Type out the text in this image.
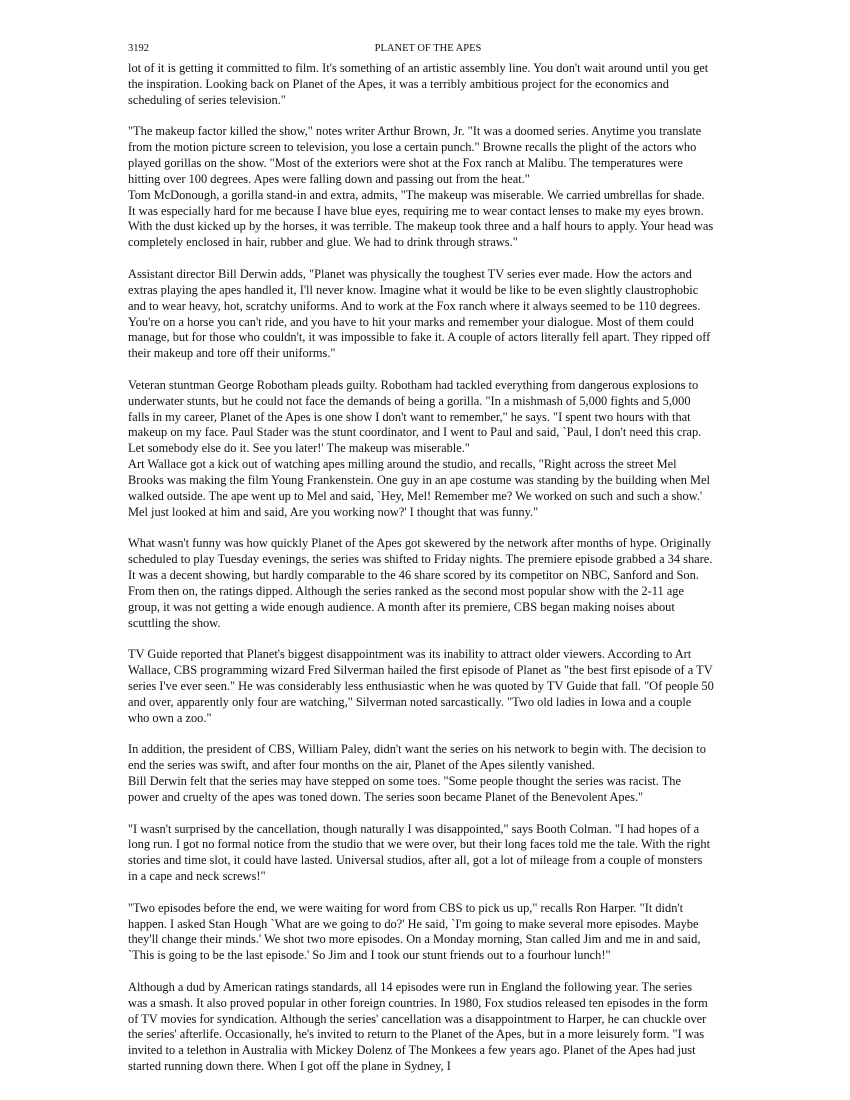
3192	PLANET OF THE APES

lot of it is getting it committed to film. It's something of an artistic assembly line. You don't wait around until you get the inspiration. Looking back on Planet of the Apes, it was a terribly ambitious project for the economics and scheduling of series television."

"The makeup factor killed the show," notes writer Arthur Brown, Jr. "It was a doomed series. Anytime you translate from the motion picture screen to television, you lose a certain punch." Browne recalls the plight of the actors who played gorillas on the show. "Most of the exteriors were shot at the Fox ranch at Malibu. The temperatures were hitting over 100 degrees. Apes were falling down and passing out from the heat."

Tom McDonough, a gorilla stand-in and extra, admits, "The makeup was miserable. We carried umbrellas for shade. It was especially hard for me because I have blue eyes, requiring me to wear contact lenses to make my eyes brown. With the dust kicked up by the horses, it was terrible. The makeup took three and a half hours to apply. Your head was completely enclosed in hair, rubber and glue. We had to drink through straws."

Assistant director Bill Derwin adds, "Planet was physically the toughest TV series ever made. How the actors and extras playing the apes handled it, I'll never know. Imagine what it would be like to be even slightly claustrophobic and to wear heavy, hot, scratchy uniforms. And to work at the Fox ranch where it always seemed to be 110 degrees. You're on a horse you can't ride, and you have to hit your marks and remember your dialogue. Most of them could manage, but for those who couldn't, it was impossible to fake it. A couple of actors literally fell apart. They ripped off their makeup and tore off their uniforms."

Veteran stuntman George Robotham pleads guilty. Robotham had tackled everything from dangerous explosions to underwater stunts, but he could not face the demands of being a gorilla. "In a mishmash of 5,000 fights and 5,000 falls in my career, Planet of the Apes is one show I don't want to remember," he says. "I spent two hours with that makeup on my face. Paul Stader was the stunt coordinator, and I went to Paul and said, `Paul, I don't need this crap. Let somebody else do it. See you later!' The makeup was miserable."

Art Wallace got a kick out of watching apes milling around the studio, and recalls, "Right across the street Mel Brooks was making the film Young Frankenstein. One guy in an ape costume was standing by the building when Mel walked outside. The ape went up to Mel and said, `Hey, Mel! Remember me? We worked on such and such a show.' Mel just looked at him and said, Are you working now?' I thought that was funny."

What wasn't funny was how quickly Planet of the Apes got skewered by the network after months of hype. Originally scheduled to play Tuesday evenings, the series was shifted to Friday nights. The premiere episode grabbed a 34 share. It was a decent showing, but hardly comparable to the 46 share scored by its competitor on NBC, Sanford and Son. From then on, the ratings dipped. Although the series ranked as the second most popular show with the 2-11 age group, it was not getting a wide enough audience. A month after its premiere, CBS began making noises about scuttling the show.

TV Guide reported that Planet's biggest disappointment was its inability to attract older viewers. According to Art Wallace, CBS programming wizard Fred Silverman hailed the first episode of Planet as "the best first episode of a TV series I've ever seen." He was considerably less enthusiastic when he was quoted by TV Guide that fall. "Of people 50 and over, apparently only four are watching," Silverman noted sarcastically. "Two old ladies in Iowa and a couple who own a zoo."

In addition, the president of CBS, William Paley, didn't want the series on his network to begin with. The decision to end the series was swift, and after four months on the air, Planet of the Apes silently vanished.

Bill Derwin felt that the series may have stepped on some toes. "Some people thought the series was racist. The power and cruelty of the apes was toned down. The series soon became Planet of the Benevolent Apes."

"I wasn't surprised by the cancellation, though naturally I was disappointed," says Booth Colman. "I had hopes of a long run. I got no formal notice from the studio that we were over, but their long faces told me the tale. With the right stories and time slot, it could have lasted. Universal studios, after all, got a lot of mileage from a couple of monsters in a cape and neck screws!"

"Two episodes before the end, we were waiting for word from CBS to pick us up," recalls Ron Harper. "It didn't happen. I asked Stan Hough `What are we going to do?' He said, `I'm going to make several more episodes. Maybe they'll change their minds.' We shot two more episodes. On a Monday morning, Stan called Jim and me in and said, `This is going to be the last episode.' So Jim and I took our stunt friends out to a fourhour lunch!"

Although a dud by American ratings standards, all 14 episodes were run in England the following year. The series was a smash. It also proved popular in other foreign countries. In 1980, Fox studios released ten episodes in the form of TV movies for syndication. Although the series' cancellation was a disappointment to Harper, he can chuckle over the series' afterlife. Occasionally, he's invited to return to the Planet of the Apes, but in a more leisurely form. "I was invited to a telethon in Australia with Mickey Dolenz of The Monkees a few years ago. Planet of the Apes had just started running down there. When I got off the plane in Sydney, I
